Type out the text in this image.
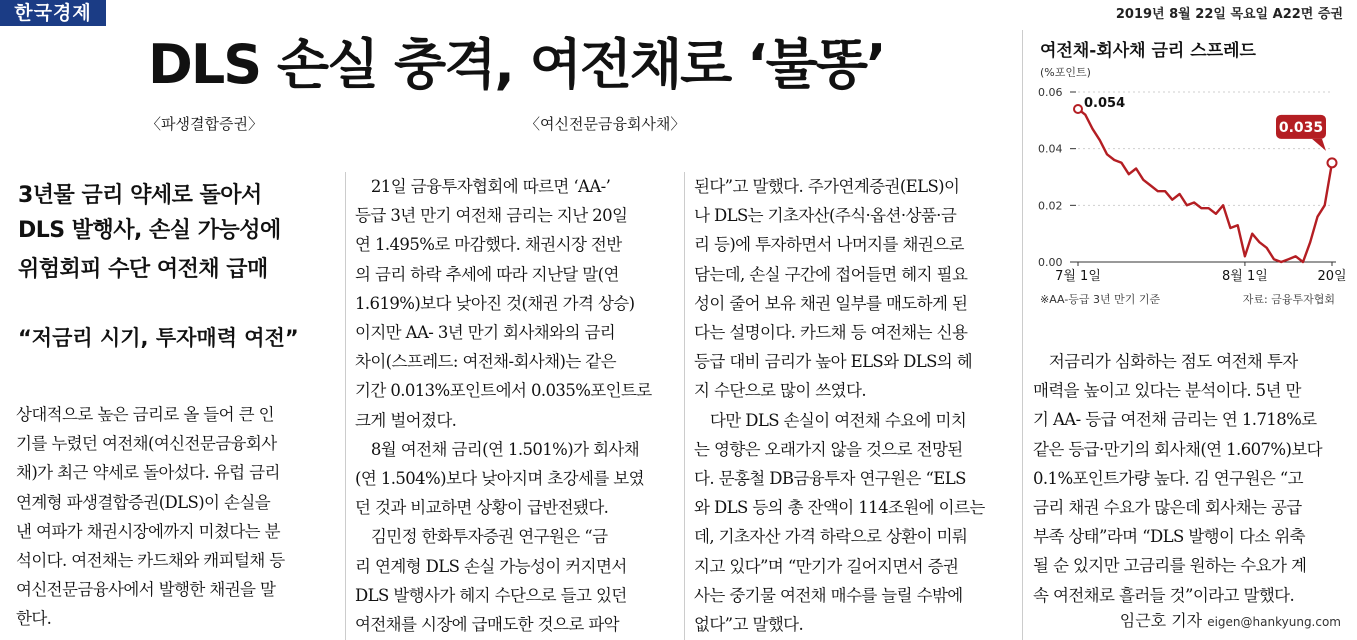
한국경제	2019년 8월 22일 목요일 A22면 증권
DLS 손실 충격, 여전채로 ‘불똥’
〈파생결합증권〉	〈여신전문금융회사채〉
3년물 금리 약세로 돌아서
DLS 발행사, 손실 가능성에
위험회피 수단 여전채 급매
“저금리 시기, 투자매력 여전”

상대적으로 높은 금리로 올 들어 큰 인

기를 누렸던 여전채(여신전문금융회사

채)가 최근 약세로 돌아섰다. 유럽 금리

연계형 파생결합증권(DLS)이 손실을

낸 여파가 채권시장에까지 미쳤다는 분

석이다. 여전채는 카드채와 캐피털채 등

여신전문금융사에서 발행한 채권을 말

한다.

 21일 금융투자협회에 따르면 ‘AA-’

등급 3년 만기 여전채 금리는 지난 20일

연 1.495%로 마감했다. 채권시장 전반

의 금리 하락 추세에 따라 지난달 말(연

1.619%)보다 낮아진 것(채권 가격 상승)

이지만 AA- 3년 만기 회사채와의 금리

차이(스프레드: 여전채-회사채)는 같은

기간 0.013%포인트에서 0.035%포인트로

크게 벌어졌다.

 8월 여전채 금리(연 1.501%)가 회사채

(연 1.504%)보다 낮아지며 초강세를 보였

던 것과 비교하면 상황이 급반전됐다.

 김민정 한화투자증권 연구원은 “금

리 연계형 DLS 손실 가능성이 커지면서

DLS 발행사가 헤지 수단으로 들고 있던

여전채를 시장에 급매도한 것으로 파악

된다”고 말했다. 주가연계증권(ELS)이

나 DLS는 기초자산(주식·옵션·상품·금

리 등)에 투자하면서 나머지를 채권으로

담는데, 손실 구간에 접어들면 헤지 필요

성이 줄어 보유 채권 일부를 매도하게 된

다는 설명이다. 카드채 등 여전채는 신용

등급 대비 금리가 높아 ELS와 DLS의 헤

지 수단으로 많이 쓰였다.

 다만 DLS 손실이 여전채 수요에 미치

는 영향은 오래가지 않을 것으로 전망된

다. 문홍철 DB금융투자 연구원은 “ELS

와 DLS 등의 총 잔액이 114조원에 이르는

데, 기초자산 가격 하락으로 상환이 미뤄

지고 있다”며 “만기가 길어지면서 증권

사는 중기물 여전채 매수를 늘릴 수밖에

없다”고 말했다.

 저금리가 심화하는 점도 여전채 투자

매력을 높이고 있다는 분석이다. 5년 만

기 AA- 등급 여전채 금리는 연 1.718%로

같은 등급·만기의 회사채(연 1.607%)보다

0.1%포인트가량 높다. 김 연구원은 “고

금리 채권 수요가 많은데 회사채는 공급

부족 상태”라며 “DLS 발행이 다소 위축

될 순 있지만 고금리를 원하는 수요가 계

속 여전채로 흘러들 것”이라고 말했다.

여전채-회사채 금리 스프레드
(%포인트)
0.00
0.02
0.04
0.06
7월 1일	8월 1일	20일
0.054
0.035
※AA-등급 3년 만기 기준	자료: 금융투자협회
임근호 기자 eigen@hankyung.com
